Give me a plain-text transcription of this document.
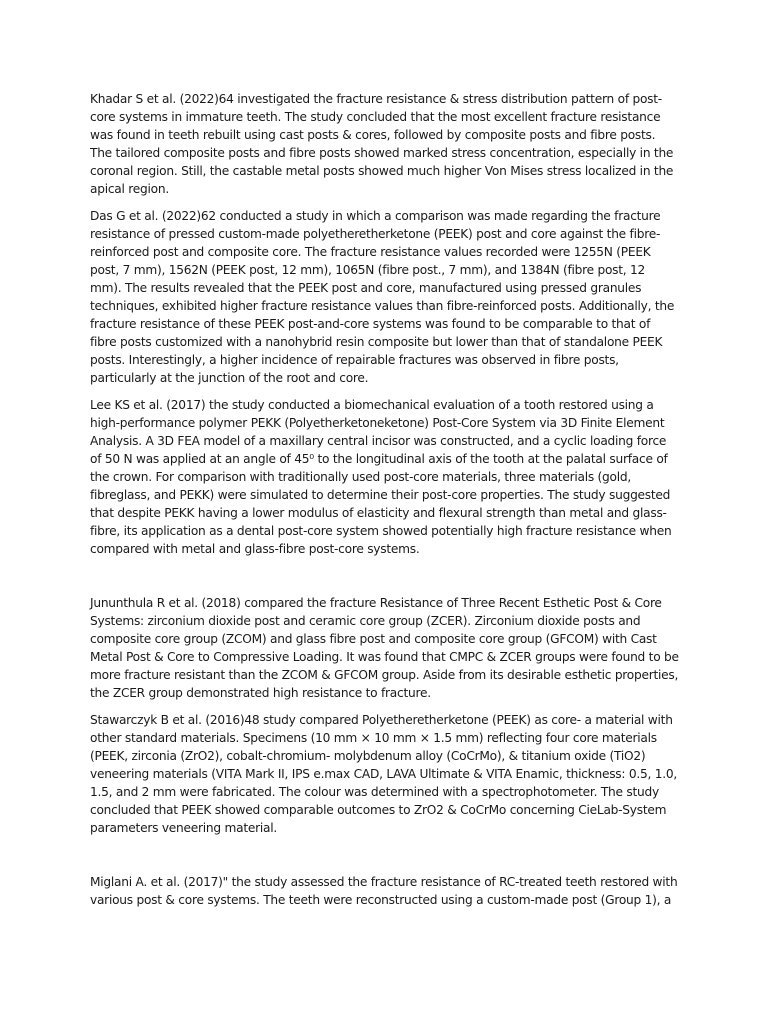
Khadar S et al. (2022)64 investigated the fracture resistance & stress distribution pattern of post-core systems in immature teeth. The study concluded that the most excellent fracture resistance was found in teeth rebuilt using cast posts & cores, followed by composite posts and fibre posts. The tailored composite posts and fibre posts showed marked stress concentration, especially in the coronal region. Still, the castable metal posts showed much higher Von Mises stress localized in the apical region.

Das G et al. (2022)62 conducted a study in which a comparison was made regarding the fracture resistance of pressed custom-made polyetheretherketone (PEEK) post and core against the fibre-reinforced post and composite core. The fracture resistance values recorded were 1255N (PEEK post, 7 mm), 1562N (PEEK post, 12 mm), 1065N (fibre post., 7 mm), and 1384N (fibre post, 12 mm). The results revealed that the PEEK post and core, manufactured using pressed granules techniques, exhibited higher fracture resistance values than fibre-reinforced posts. Additionally, the fracture resistance of these PEEK post-and-core systems was found to be comparable to that of fibre posts customized with a nanohybrid resin composite but lower than that of standalone PEEK posts. Interestingly, a higher incidence of repairable fractures was observed in fibre posts, particularly at the junction of the root and core.

Lee KS et al. (2017) the study conducted a biomechanical evaluation of a tooth restored using a high-performance polymer PEKK (Polyetherketoneketone) Post-Core System via 3D Finite Element Analysis. A 3D FEA model of a maxillary central incisor was constructed, and a cyclic loading force of 50 N was applied at an angle of 45⁰ to the longitudinal axis of the tooth at the palatal surface of the crown. For comparison with traditionally used post-core materials, three materials (gold, fibreglass, and PEKK) were simulated to determine their post-core properties. The study suggested that despite PEKK having a lower modulus of elasticity and flexural strength than metal and glass-fibre, its application as a dental post-core system showed potentially high fracture resistance when compared with metal and glass-fibre post-core systems.

Jununthula R et al. (2018) compared the fracture Resistance of Three Recent Esthetic Post & Core Systems: zirconium dioxide post and ceramic core group (ZCER). Zirconium dioxide posts and composite core group (ZCOM) and glass fibre post and composite core group (GFCOM) with Cast Metal Post & Core to Compressive Loading. It was found that CMPC & ZCER groups were found to be more fracture resistant than the ZCOM & GFCOM group. Aside from its desirable esthetic properties, the ZCER group demonstrated high resistance to fracture.

Stawarczyk B et al. (2016)48 study compared Polyetheretherketone (PEEK) as core- a material with other standard materials. Specimens (10 mm × 10 mm × 1.5 mm) reflecting four core materials (PEEK, zirconia (ZrO2), cobalt-chromium- molybdenum alloy (CoCrMo), & titanium oxide (TiO2) veneering materials (VITA Mark II, IPS e.max CAD, LAVA Ultimate & VITA Enamic, thickness: 0.5, 1.0, 1.5, and 2 mm were fabricated. The colour was determined with a spectrophotometer. The study concluded that PEEK showed comparable outcomes to ZrO2 & CoCrMo concerning CieLab-System parameters veneering material.

Miglani A. et al. (2017)" the study assessed the fracture resistance of RC-treated teeth restored with various post & core systems. The teeth were reconstructed using a custom-made post (Group 1), a
